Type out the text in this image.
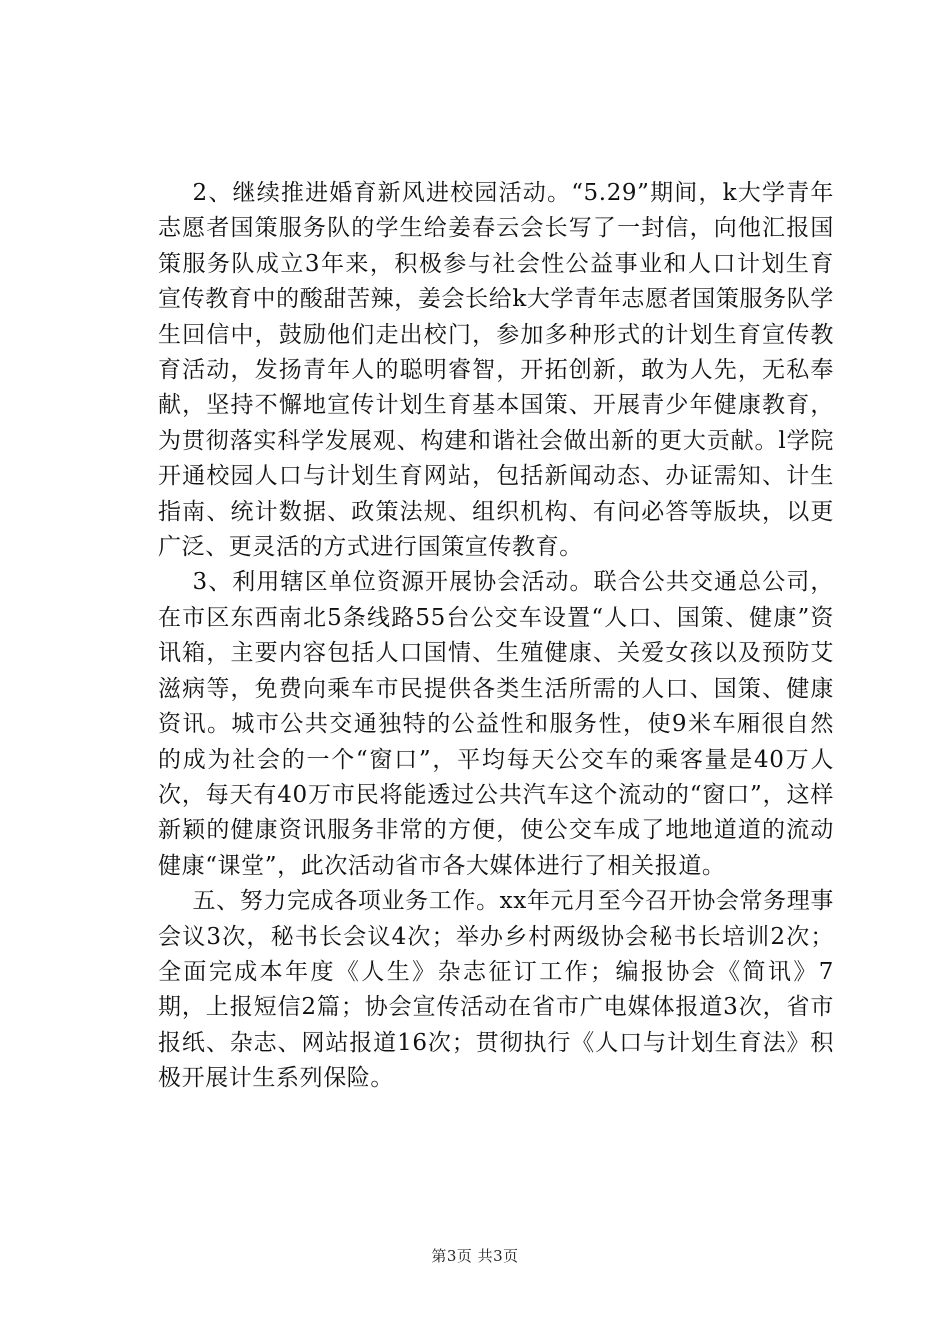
2、继续推进婚育新风进校园活动。“5.29”期间，k大学青年志愿者国策服务队的学生给姜春云会长写了一封信，向他汇报国策服务队成立3年来，积极参与社会性公益事业和人口计划生育宣传教育中的酸甜苦辣，姜会长给k大学青年志愿者国策服务队学生回信中，鼓励他们走出校门，参加多种形式的计划生育宣传教育活动，发扬青年人的聪明睿智，开拓创新，敢为人先，无私奉献，坚持不懈地宣传计划生育基本国策、开展青少年健康教育，为贯彻落实科学发展观、构建和谐社会做出新的更大贡献。l学院开通校园人口与计划生育网站，包括新闻动态、办证需知、计生指南、统计数据、政策法规、组织机构、有问必答等版块，以更广泛、更灵活的方式进行国策宣传教育。

3、利用辖区单位资源开展协会活动。联合公共交通总公司，在市区东西南北5条线路55台公交车设置“人口、国策、健康”资讯箱，主要内容包括人口国情、生殖健康、关爱女孩以及预防艾滋病等，免费向乘车市民提供各类生活所需的人口、国策、健康资讯。城市公共交通独特的公益性和服务性，使9米车厢很自然的成为社会的一个“窗口”，平均每天公交车的乘客量是40万人次，每天有40万市民将能透过公共汽车这个流动的“窗口”，这样新颖的健康资讯服务非常的方便，使公交车成了地地道道的流动健康“课堂”，此次活动省市各大媒体进行了相关报道。

五、努力完成各项业务工作。xx年元月至今召开协会常务理事会议3次，秘书长会议4次；举办乡村两级协会秘书长培训2次；全面完成本年度《人生》杂志征订工作；编报协会《简讯》7期，上报短信2篇；协会宣传活动在省市广电媒体报道3次，省市报纸、杂志、网站报道16次；贯彻执行《人口与计划生育法》积极开展计生系列保险。

第3页 共3页
